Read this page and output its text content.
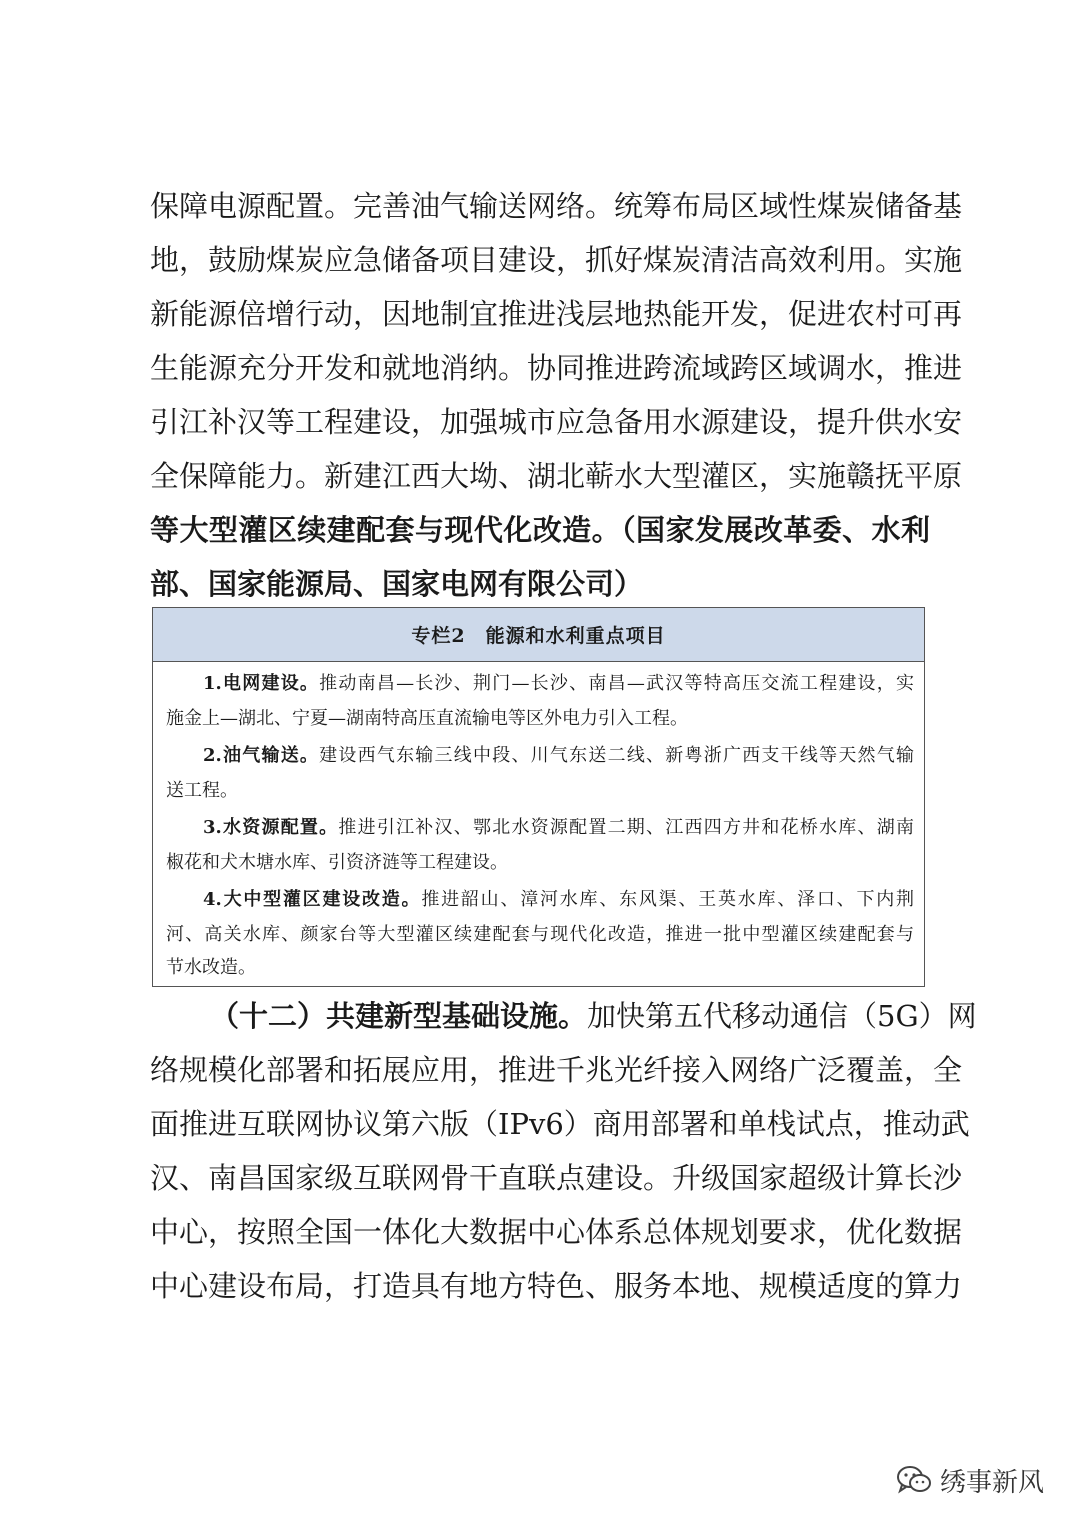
保障电源配置。完善油气输送网络。统筹布局区域性煤炭储备基
地，鼓励煤炭应急储备项目建设，抓好煤炭清洁高效利用。实施
新能源倍增行动，因地制宜推进浅层地热能开发，促进农村可再
生能源充分开发和就地消纳。协同推进跨流域跨区域调水，推进
引江补汉等工程建设，加强城市应急备用水源建设，提升供水安
全保障能力。新建江西大坳、湖北蕲水大型灌区，实施赣抚平原
等大型灌区续建配套与现代化改造。（国家发展改革委、水利
部、国家能源局、国家电网有限公司）
专栏2　能源和水利重点项目
1.电网建设。推动南昌—长沙、荆门—长沙、南昌—武汉等特高压交流工程建设，实
施金上—湖北、宁夏—湖南特高压直流输电等区外电力引入工程。
2.油气输送。建设西气东输三线中段、川气东送二线、新粤浙广西支干线等天然气输
送工程。
3.水资源配置。推进引江补汉、鄂北水资源配置二期、江西四方井和花桥水库、湖南
椒花和犬木塘水库、引资济涟等工程建设。
4.大中型灌区建设改造。推进韶山、漳河水库、东风渠、王英水库、泽口、下内荆
河、高关水库、颜家台等大型灌区续建配套与现代化改造，推进一批中型灌区续建配套与
节水改造。
（十二）共建新型基础设施。加快第五代移动通信（5G）网
络规模化部署和拓展应用，推进千兆光纤接入网络广泛覆盖，全
面推进互联网协议第六版（IPv6）商用部署和单栈试点，推动武
汉、南昌国家级互联网骨干直联点建设。升级国家超级计算长沙
中心，按照全国一体化大数据中心体系总体规划要求，优化数据
中心建设布局，打造具有地方特色、服务本地、规模适度的算力
绣事新风
